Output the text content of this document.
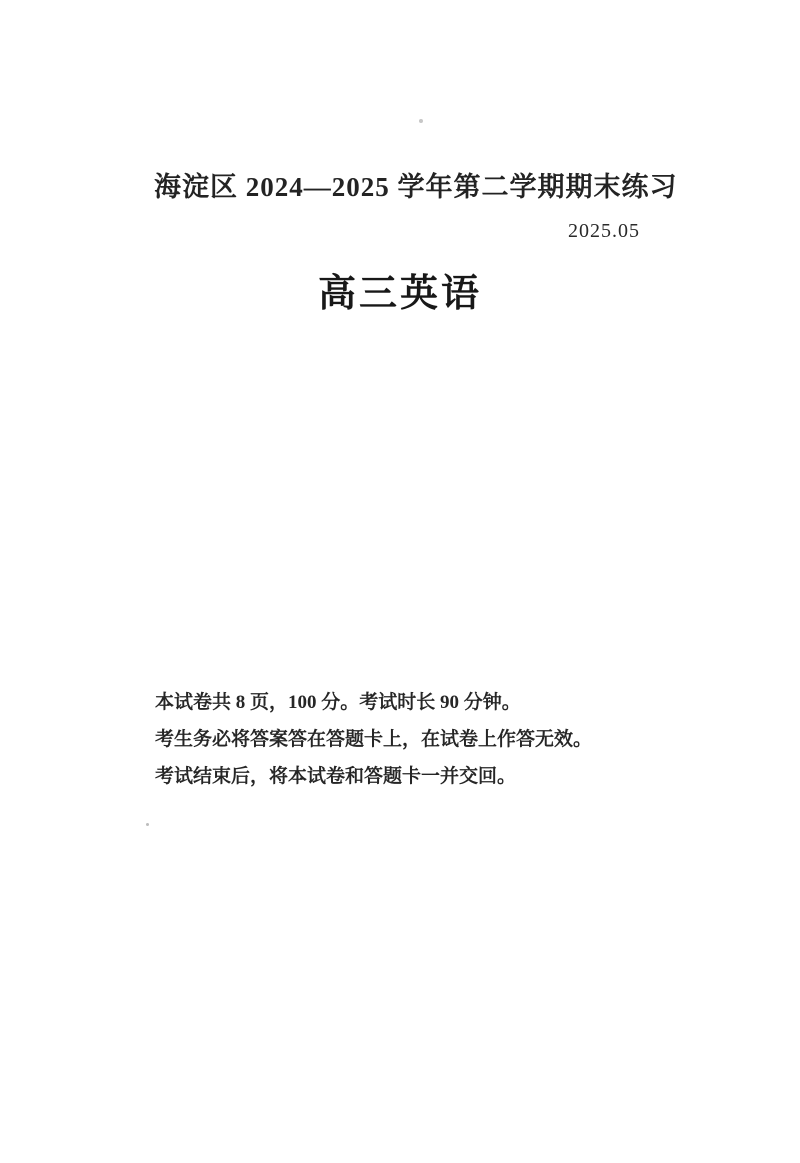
海淀区 2024—2025 学年第二学期期末练习
2025.05
高三英语

本试卷共 8 页，100 分。考试时长 90 分钟。

考生务必将答案答在答题卡上，在试卷上作答无效。

考试结束后，将本试卷和答题卡一并交回。
